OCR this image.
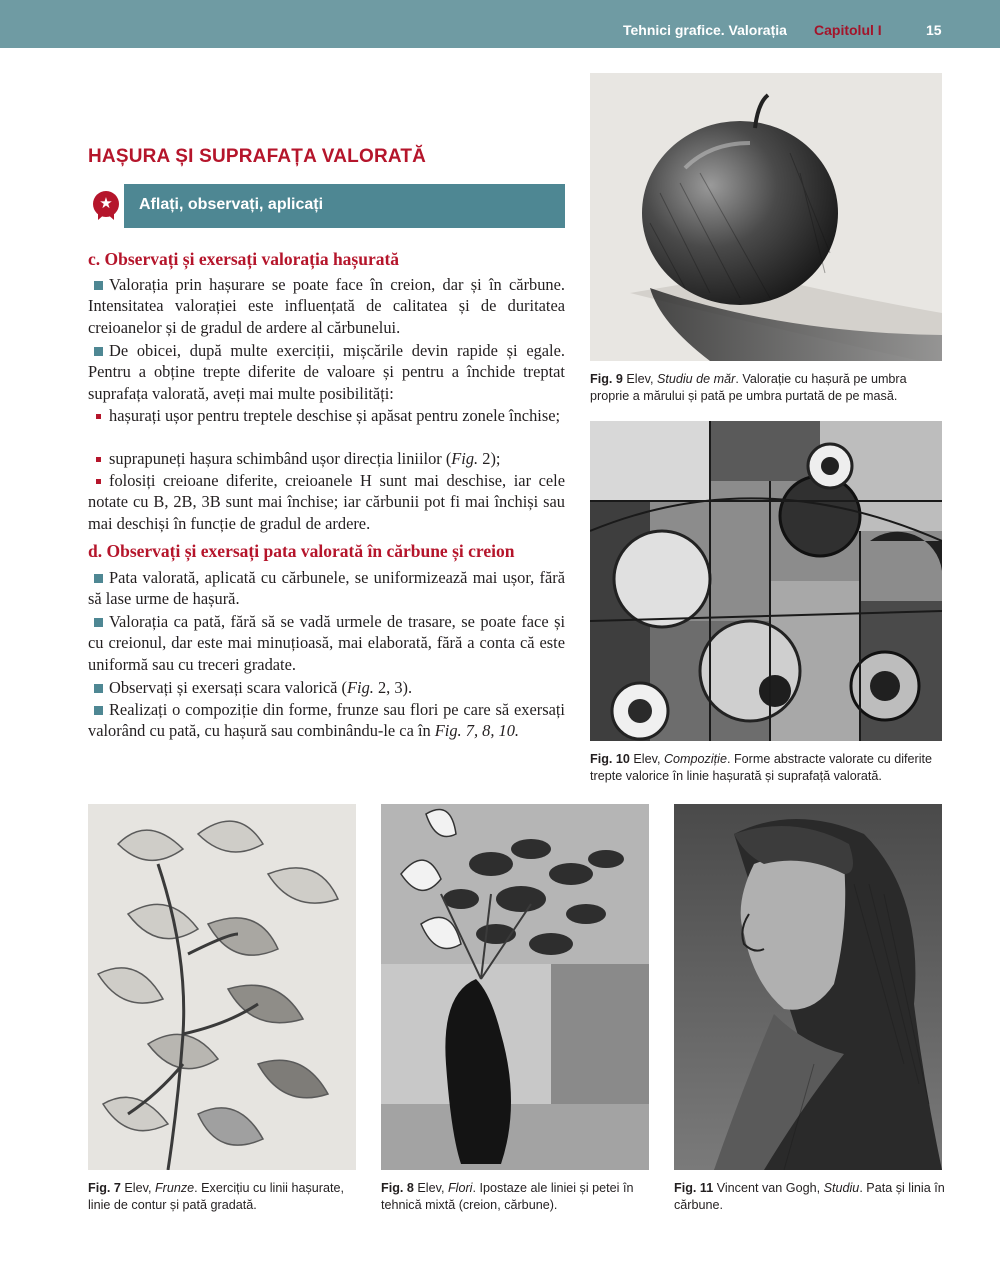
Tehnici grafice. Valorația Capitolul I	15
HAȘURA ȘI SUPRAFAȚA VALORATĂ
★	Aflați, observați, aplicați
c. Observați și exersați valorația hașurată
Valorația prin hașurare se poate face în creion, dar și în cărbune. Intensitatea valorației este influențată de calitatea și de duritatea creioanelor și de gradul de ardere al cărbunelui.
De obicei, după multe exerciții, mișcările devin rapide și egale. Pentru a obține trepte diferite de valoare și pentru a închide treptat suprafața valorată, aveți mai multe posibilități:
hașurați ușor pentru treptele deschise și apăsat pentru zonele închise;
suprapuneți hașura schimbând ușor direcția liniilor (Fig. 2);
folosiți creioane diferite, creioanele H sunt mai deschise, iar cele notate cu B, 2B, 3B sunt mai închise; iar cărbunii pot fi mai închiși sau mai deschiși în funcție de gradul de ardere.
d. Observați și exersați pata valorată în cărbune și creion
Pata valorată, aplicată cu cărbunele, se uniformizează mai ușor, fără să lase urme de hașură.
Valorația ca pată, fără să se vadă urmele de trasare, se poate face și cu creionul, dar este mai minuțioasă, mai elaborată, fără a conta că este uniformă sau cu treceri gradate.
Observați și exersați scara valorică (Fig. 2, 3).
Realizați o compoziție din forme, frunze sau flori pe care să exersați valorând cu pată, cu hașură sau combinându-le ca în Fig. 7, 8, 10.
Fig. 9 Elev, Studiu de măr. Valorație cu hașură pe umbra proprie a mărului și pată pe umbra purtată de pe masă.
Fig. 10 Elev, Compoziție. Forme abstracte valorate cu diferite trepte valorice în linie hașurată și suprafață valorată.
Fig. 7 Elev, Frunze. Exercițiu cu linii hașurate, linie de contur și pată gradată.
Fig. 8 Elev, Flori. Ipostaze ale liniei și petei în tehnică mixtă (creion, cărbune).
Fig. 11 Vincent van Gogh, Studiu. Pata și linia în cărbune.
